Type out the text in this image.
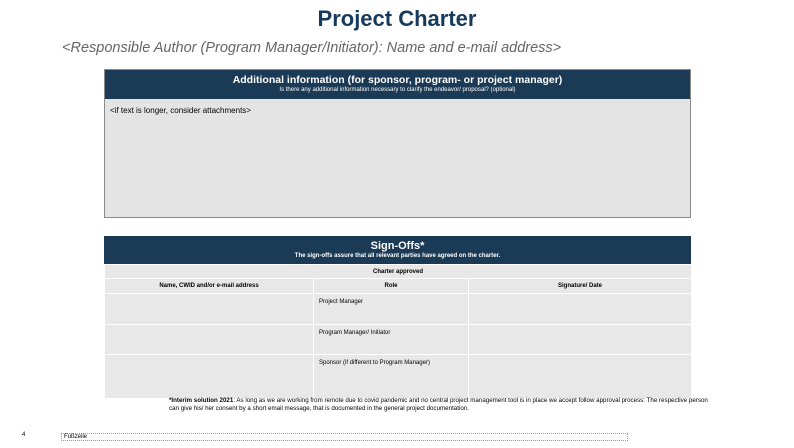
Project Charter
<Responsible Author (Program Manager/Initiator): Name and e-mail address>
Additional information (for sponsor, program- or project manager)
Is there any additional information necessary to clarify the endeavor/ proposal? (optional)
<if text is longer, consider attachments>
Sign-Offs*
The sign-offs assure that all relevant parties have agreed on the charter.
Charter approved		
Name, CWID and/or e-mail address	Role	Signature/ Date
	Project Manager	
	Program Manager/ Initiator	
	Sponsor (if different to Program Manager)	
*Interim solution 2021: As long as we are working from remote due to covid pandemic and no central project management tool is in place we accept follow approval process: The respective person can give his/ her consent by a short email message, that is documented in the general project documentation.
4	Fußzeile
